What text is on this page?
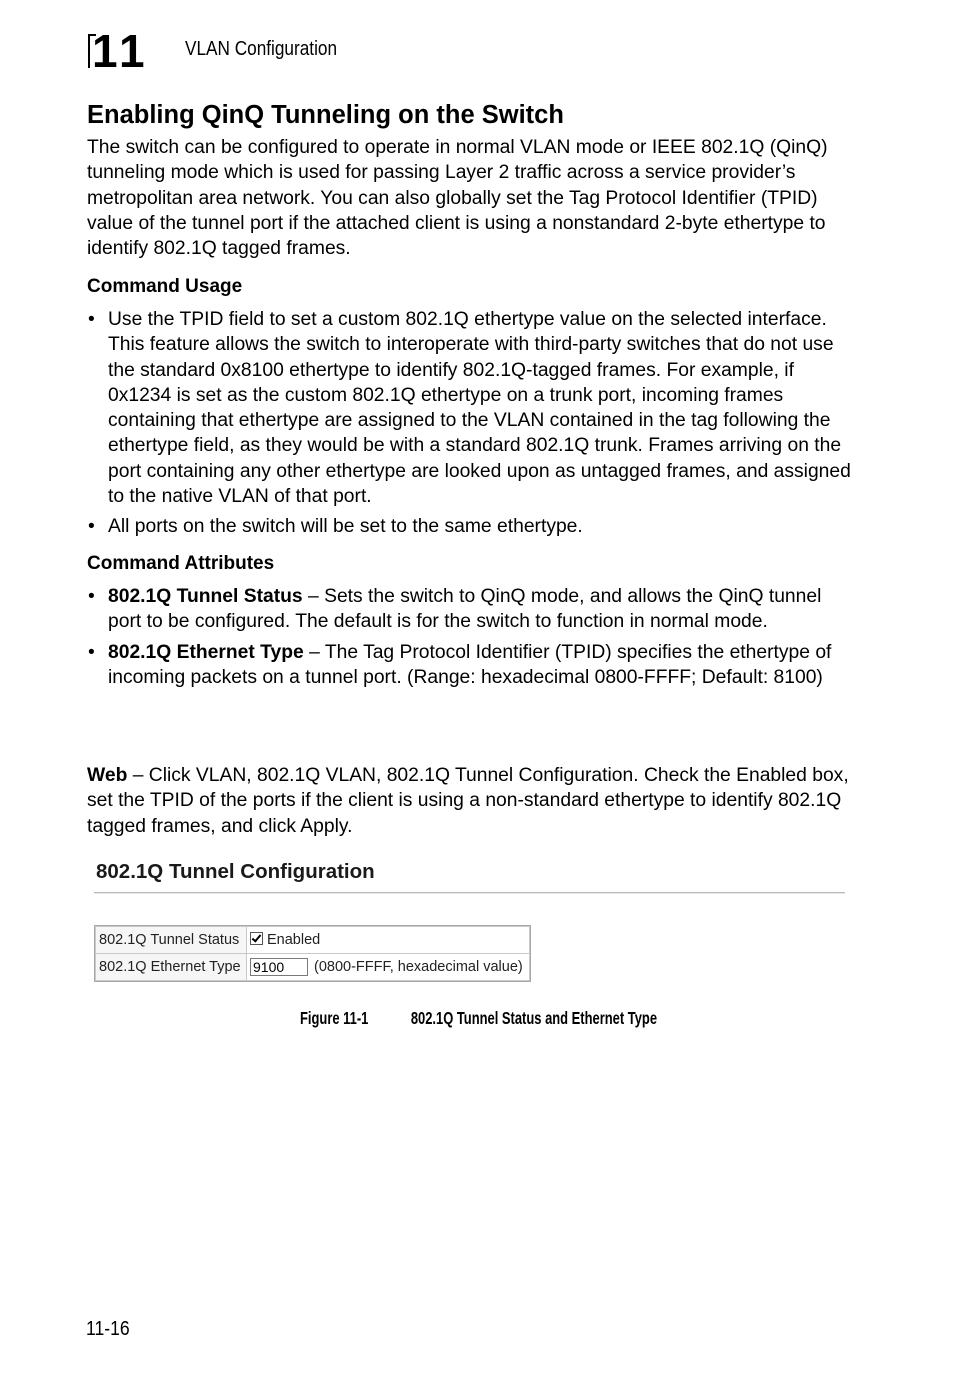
11 VLAN Configuration
Enabling QinQ Tunneling on the Switch

The switch can be configured to operate in normal VLAN mode or IEEE 802.1Q (QinQ) tunneling mode which is used for passing Layer 2 traffic across a service provider’s metropolitan area network. You can also globally set the Tag Protocol Identifier (TPID) value of the tunnel port if the attached client is using a nonstandard 2-byte ethertype to identify 802.1Q tagged frames.

Command Usage
• Use the TPID field to set a custom 802.1Q ethertype value on the selected interface. This feature allows the switch to interoperate with third-party switches that do not use the standard 0x8100 ethertype to identify 802.1Q-tagged frames. For example, if 0x1234 is set as the custom 802.1Q ethertype on a trunk port, incoming frames containing that ethertype are assigned to the VLAN contained in the tag following the ethertype field, as they would be with a standard 802.1Q trunk. Frames arriving on the port containing any other ethertype are looked upon as untagged frames, and assigned to the native VLAN of that port.
• All ports on the switch will be set to the same ethertype.
Command Attributes
• 802.1Q Tunnel Status – Sets the switch to QinQ mode, and allows the QinQ tunnel port to be configured. The default is for the switch to function in normal mode.
• 802.1Q Ethernet Type – The Tag Protocol Identifier (TPID) specifies the ethertype of incoming packets on a tunnel port. (Range: hexadecimal 0800-FFFF; Default: 8100)

Web – Click VLAN, 802.1Q VLAN, 802.1Q Tunnel Configuration. Check the Enabled box, set the TPID of the ports if the client is using a non-standard ethertype to identify 802.1Q tagged frames, and click Apply.

802.1Q Tunnel Configuration
802.1Q Tunnel Status	Enabled
802.1Q Ethernet Type	9100(0800-FFFF, hexadecimal value)
Figure 11-1 802.1Q Tunnel Status and Ethernet Type
11-16
